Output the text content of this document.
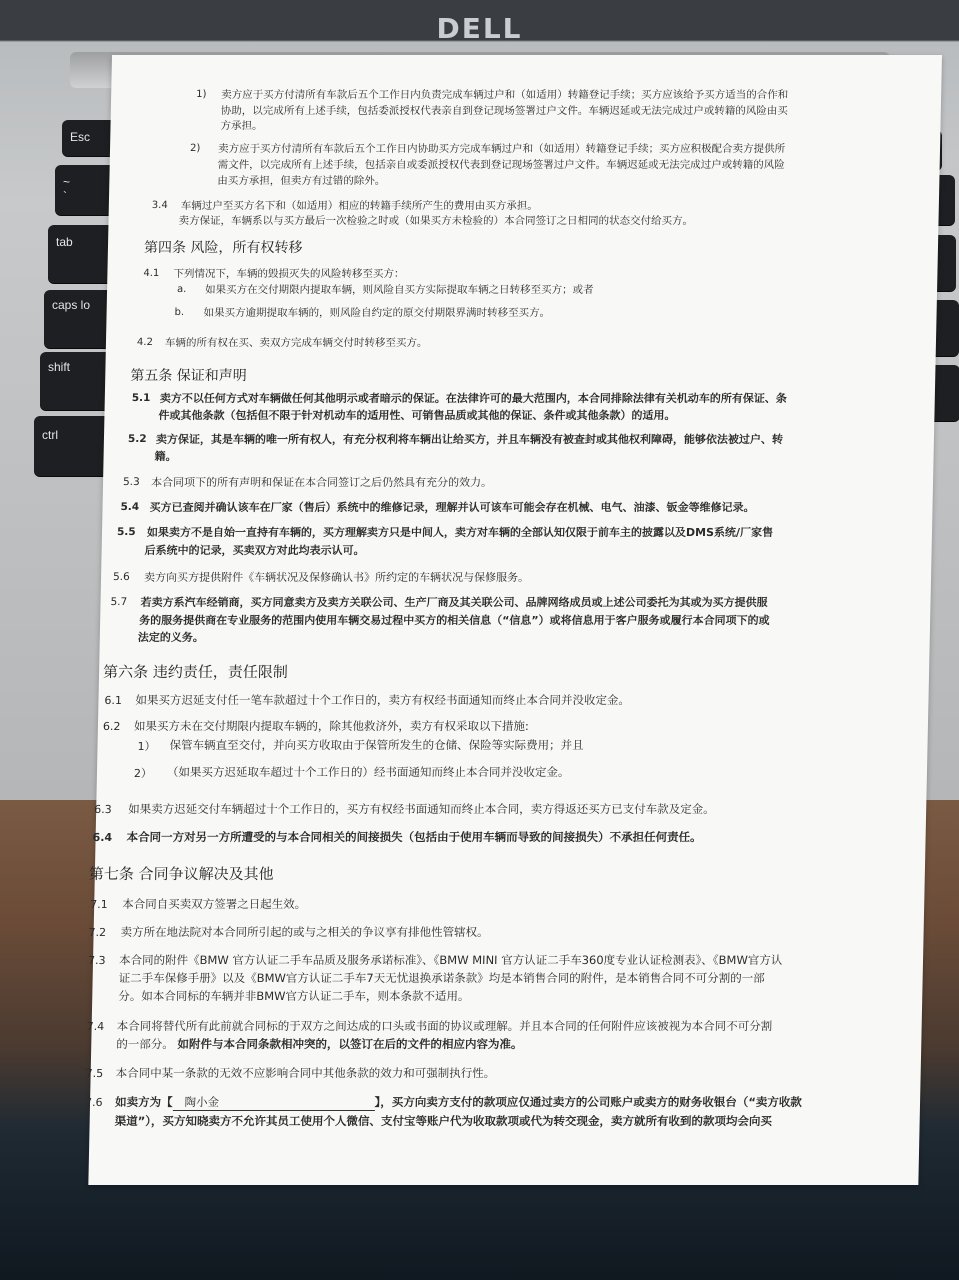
DELL
Esc
~
`
tab
caps lo
shift
ctrl
1) 卖方应于买方付清所有车款后五个工作日内负责完成车辆过户和（如适用）转籍登记手续；买方应该给予买方适当的合作和
协助，以完成所有上述手续，包括委派授权代表亲自到登记现场签署过户文件。车辆迟延或无法完成过户或转籍的风险由买
方承担。
2) 卖方应于买方付清所有车款后五个工作日内协助买方完成车辆过户和（如适用）转籍登记手续；买方应积极配合卖方提供所
需文件，以完成所有上述手续，包括亲自或委派授权代表到登记现场签署过户文件。车辆迟延或无法完成过户或转籍的风险
由买方承担，但卖方有过错的除外。
3.4 车辆过户至买方名下和（如适用）相应的转籍手续所产生的费用由买方承担。
卖方保证，车辆系以与买方最后一次检验之时或（如果买方未检验的）本合同签订之日相同的状态交付给买方。
第四条 风险，所有权转移
4.1 下列情况下，车辆的毁损灭失的风险转移至买方：
a. 如果买方在交付期限内提取车辆，则风险自买方实际提取车辆之日转移至买方；或者
b. 如果买方逾期提取车辆的，则风险自约定的原交付期限界满时转移至买方。
4.2 车辆的所有权在买、卖双方完成车辆交付时转移至买方。
第五条 保证和声明
5.1 卖方不以任何方式对车辆做任何其他明示或者暗示的保证。在法律许可的最大范围内，本合同排除法律有关机动车的所有保证、条
件或其他条款（包括但不限于针对机动车的适用性、可销售品质或其他的保证、条件或其他条款）的适用。
5.2 卖方保证，其是车辆的唯一所有权人，有充分权利将车辆出让给买方，并且车辆没有被查封或其他权利障碍，能够依法被过户、转
籍。
5.3 本合同项下的所有声明和保证在本合同签订之后仍然具有充分的效力。
5.4 买方已查阅并确认该车在厂家（售后）系统中的维修记录，理解并认可该车可能会存在机械、电气、油漆、钣金等维修记录。
5.5 如果卖方不是自始一直持有车辆的，买方理解卖方只是中间人，卖方对车辆的全部认知仅限于前车主的披露以及DMS系统/厂家售
后系统中的记录，买卖双方对此均表示认可。
5.6 卖方向买方提供附件《车辆状况及保修确认书》所约定的车辆状况与保修服务。
5.7 若卖方系汽车经销商，买方同意卖方及卖方关联公司、生产厂商及其关联公司、品牌网络成员或上述公司委托为其或为买方提供服
务的服务提供商在专业服务的范围内使用车辆交易过程中买方的相关信息（“信息”）或将信息用于客户服务或履行本合同项下的或
法定的义务。
第六条 违约责任，责任限制
6.1 如果买方迟延支付任一笔车款超过十个工作日的，卖方有权经书面通知而终止本合同并没收定金。
6.2 如果买方未在交付期限内提取车辆的，除其他救济外，卖方有权采取以下措施:
1） 保管车辆直至交付，并向买方收取由于保管所发生的仓储、保险等实际费用；并且
2） （如果买方迟延取车超过十个工作日的）经书面通知而终止本合同并没收定金。
6.3 如果卖方迟延交付车辆超过十个工作日的，买方有权经书面通知而终止本合同，卖方得返还买方已支付车款及定金。
6.4 本合同一方对另一方所遭受的与本合同相关的间接损失（包括由于使用车辆而导致的间接损失）不承担任何责任。
第七条 合同争议解决及其他
7.1 本合同自买卖双方签署之日起生效。
7.2 卖方所在地法院对本合同所引起的或与之相关的争议享有排他性管辖权。
7.3 本合同的附件《BMW 官方认证二手车品质及服务承诺标准》、《BMW MINI 官方认证二手车360度专业认证检测表》、《BMW官方认
证二手车保修手册》以及《BMW官方认证二手车7天无忧退换承诺条款》均是本销售合同的附件，是本销售合同不可分割的一部
分。如本合同标的车辆并非BMW官方认证二手车，则本条款不适用。
7.4 本合同将替代所有此前就合同标的于双方之间达成的口头或书面的协议或理解。并且本合同的任何附件应该被视为本合同不可分割
的一部分。 如附件与本合同条款相冲突的，以签订在后的文件的相应内容为准。
7.5 本合同中某一条款的无效不应影响合同中其他条款的效力和可强制执行性。
7.6 如卖方为【 陶小金	】，买方向卖方支付的款项应仅通过卖方的公司账户或卖方的财务收银台（“卖方收款
渠道”），买方知晓卖方不允许其员工使用个人微信、支付宝等账户代为收取款项或代为转交现金，卖方就所有收到的款项均会向买
